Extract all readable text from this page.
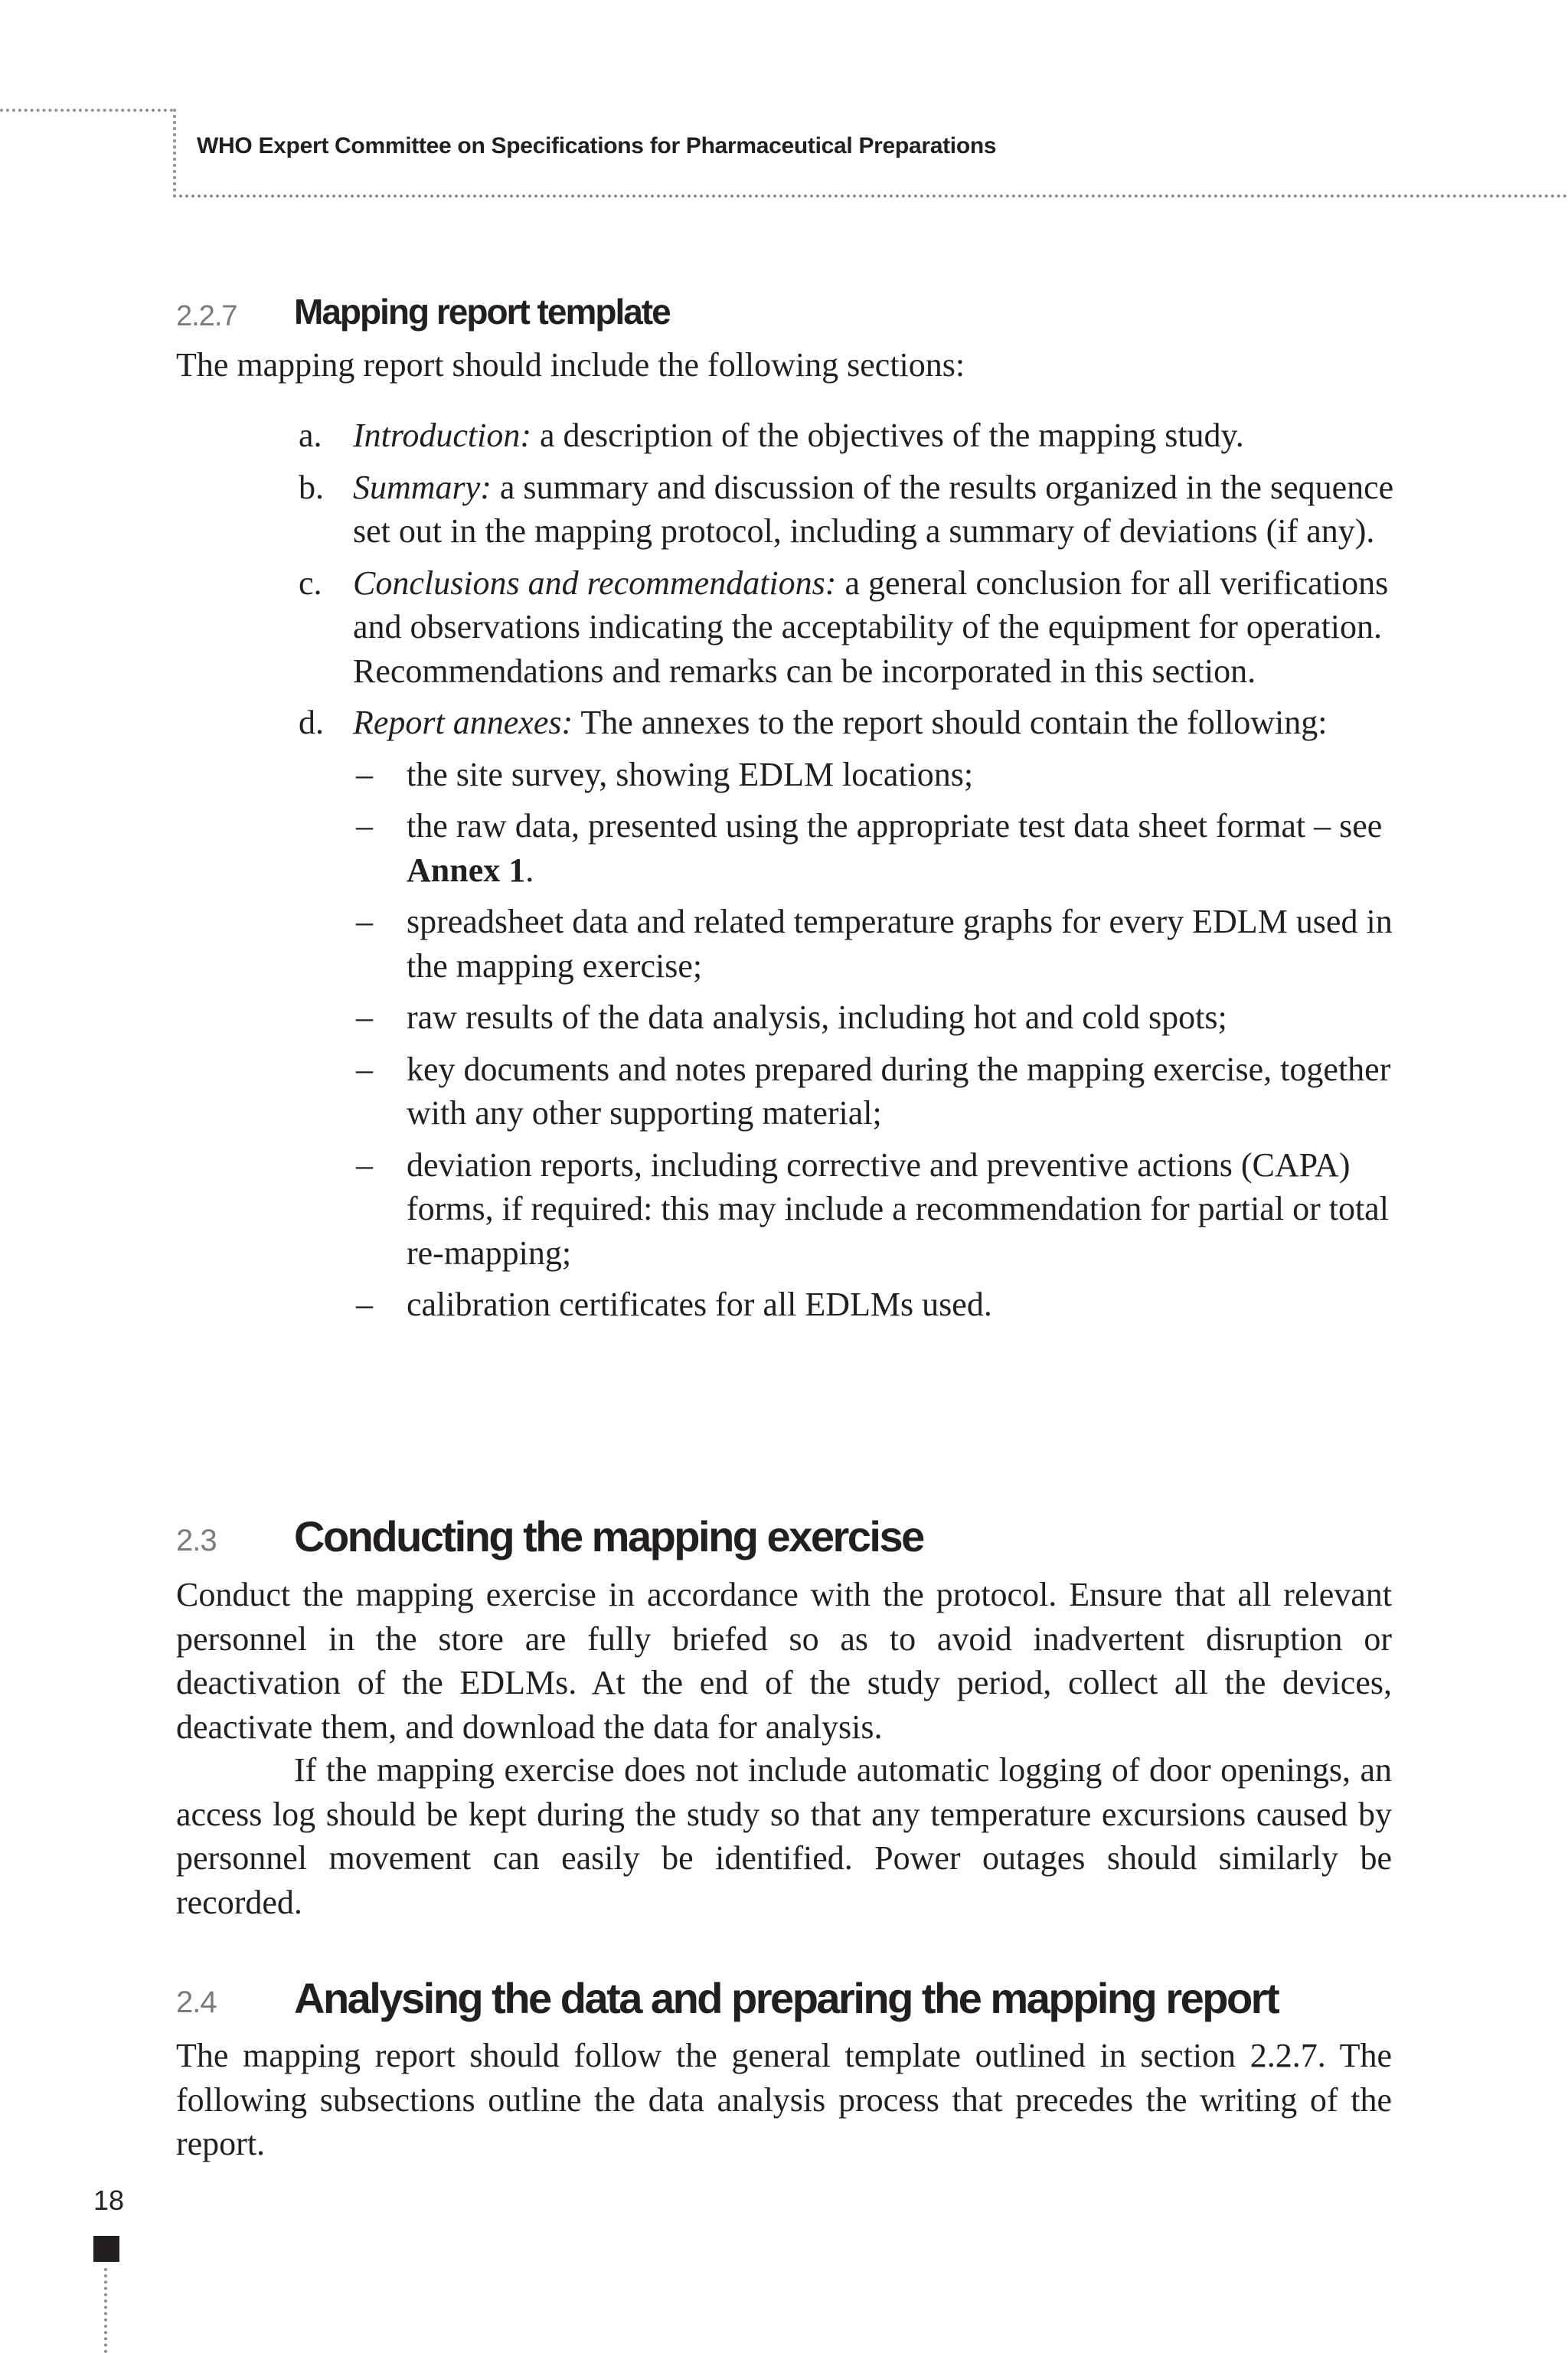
WHO Expert Committee on Specifications for Pharmaceutical Preparations

2.2.7 Mapping report template

The mapping report should include the following sections:

a. Introduction: a description of the objectives of the mapping study.
b. Summary: a summary and discussion of the results organized in the sequence set out in the mapping protocol, including a summary of deviations (if any).
c. Conclusions and recommendations: a general conclusion for all verifications and observations indicating the acceptability of the equipment for operation. Recommendations and remarks can be incorporated in this section.
d. Report annexes: The annexes to the report should contain the following:
– the site survey, showing EDLM locations;
– the raw data, presented using the appropriate test data sheet format – see Annex 1.
– spreadsheet data and related temperature graphs for every EDLM used in the mapping exercise;
– raw results of the data analysis, including hot and cold spots;
– key documents and notes prepared during the mapping exercise, together with any other supporting material;
– deviation reports, including corrective and preventive actions (CAPA) forms, if required: this may include a recommendation for partial or total re-mapping;
– calibration certificates for all EDLMs used.
2.3 Conducting the mapping exercise

Conduct the mapping exercise in accordance with the protocol. Ensure that all relevant personnel in the store are fully briefed so as to avoid inadvertent disruption or deactivation of the EDLMs. At the end of the study period, collect all the devices, deactivate them, and download the data for analysis.

If the mapping exercise does not include automatic logging of door openings, an access log should be kept during the study so that any temperature excursions caused by personnel movement can easily be identified. Power outages should similarly be recorded.

2.4 Analysing the data and preparing the mapping report

The mapping report should follow the general template outlined in section 2.2.7. The following subsections outline the data analysis process that precedes the writing of the report.

18
